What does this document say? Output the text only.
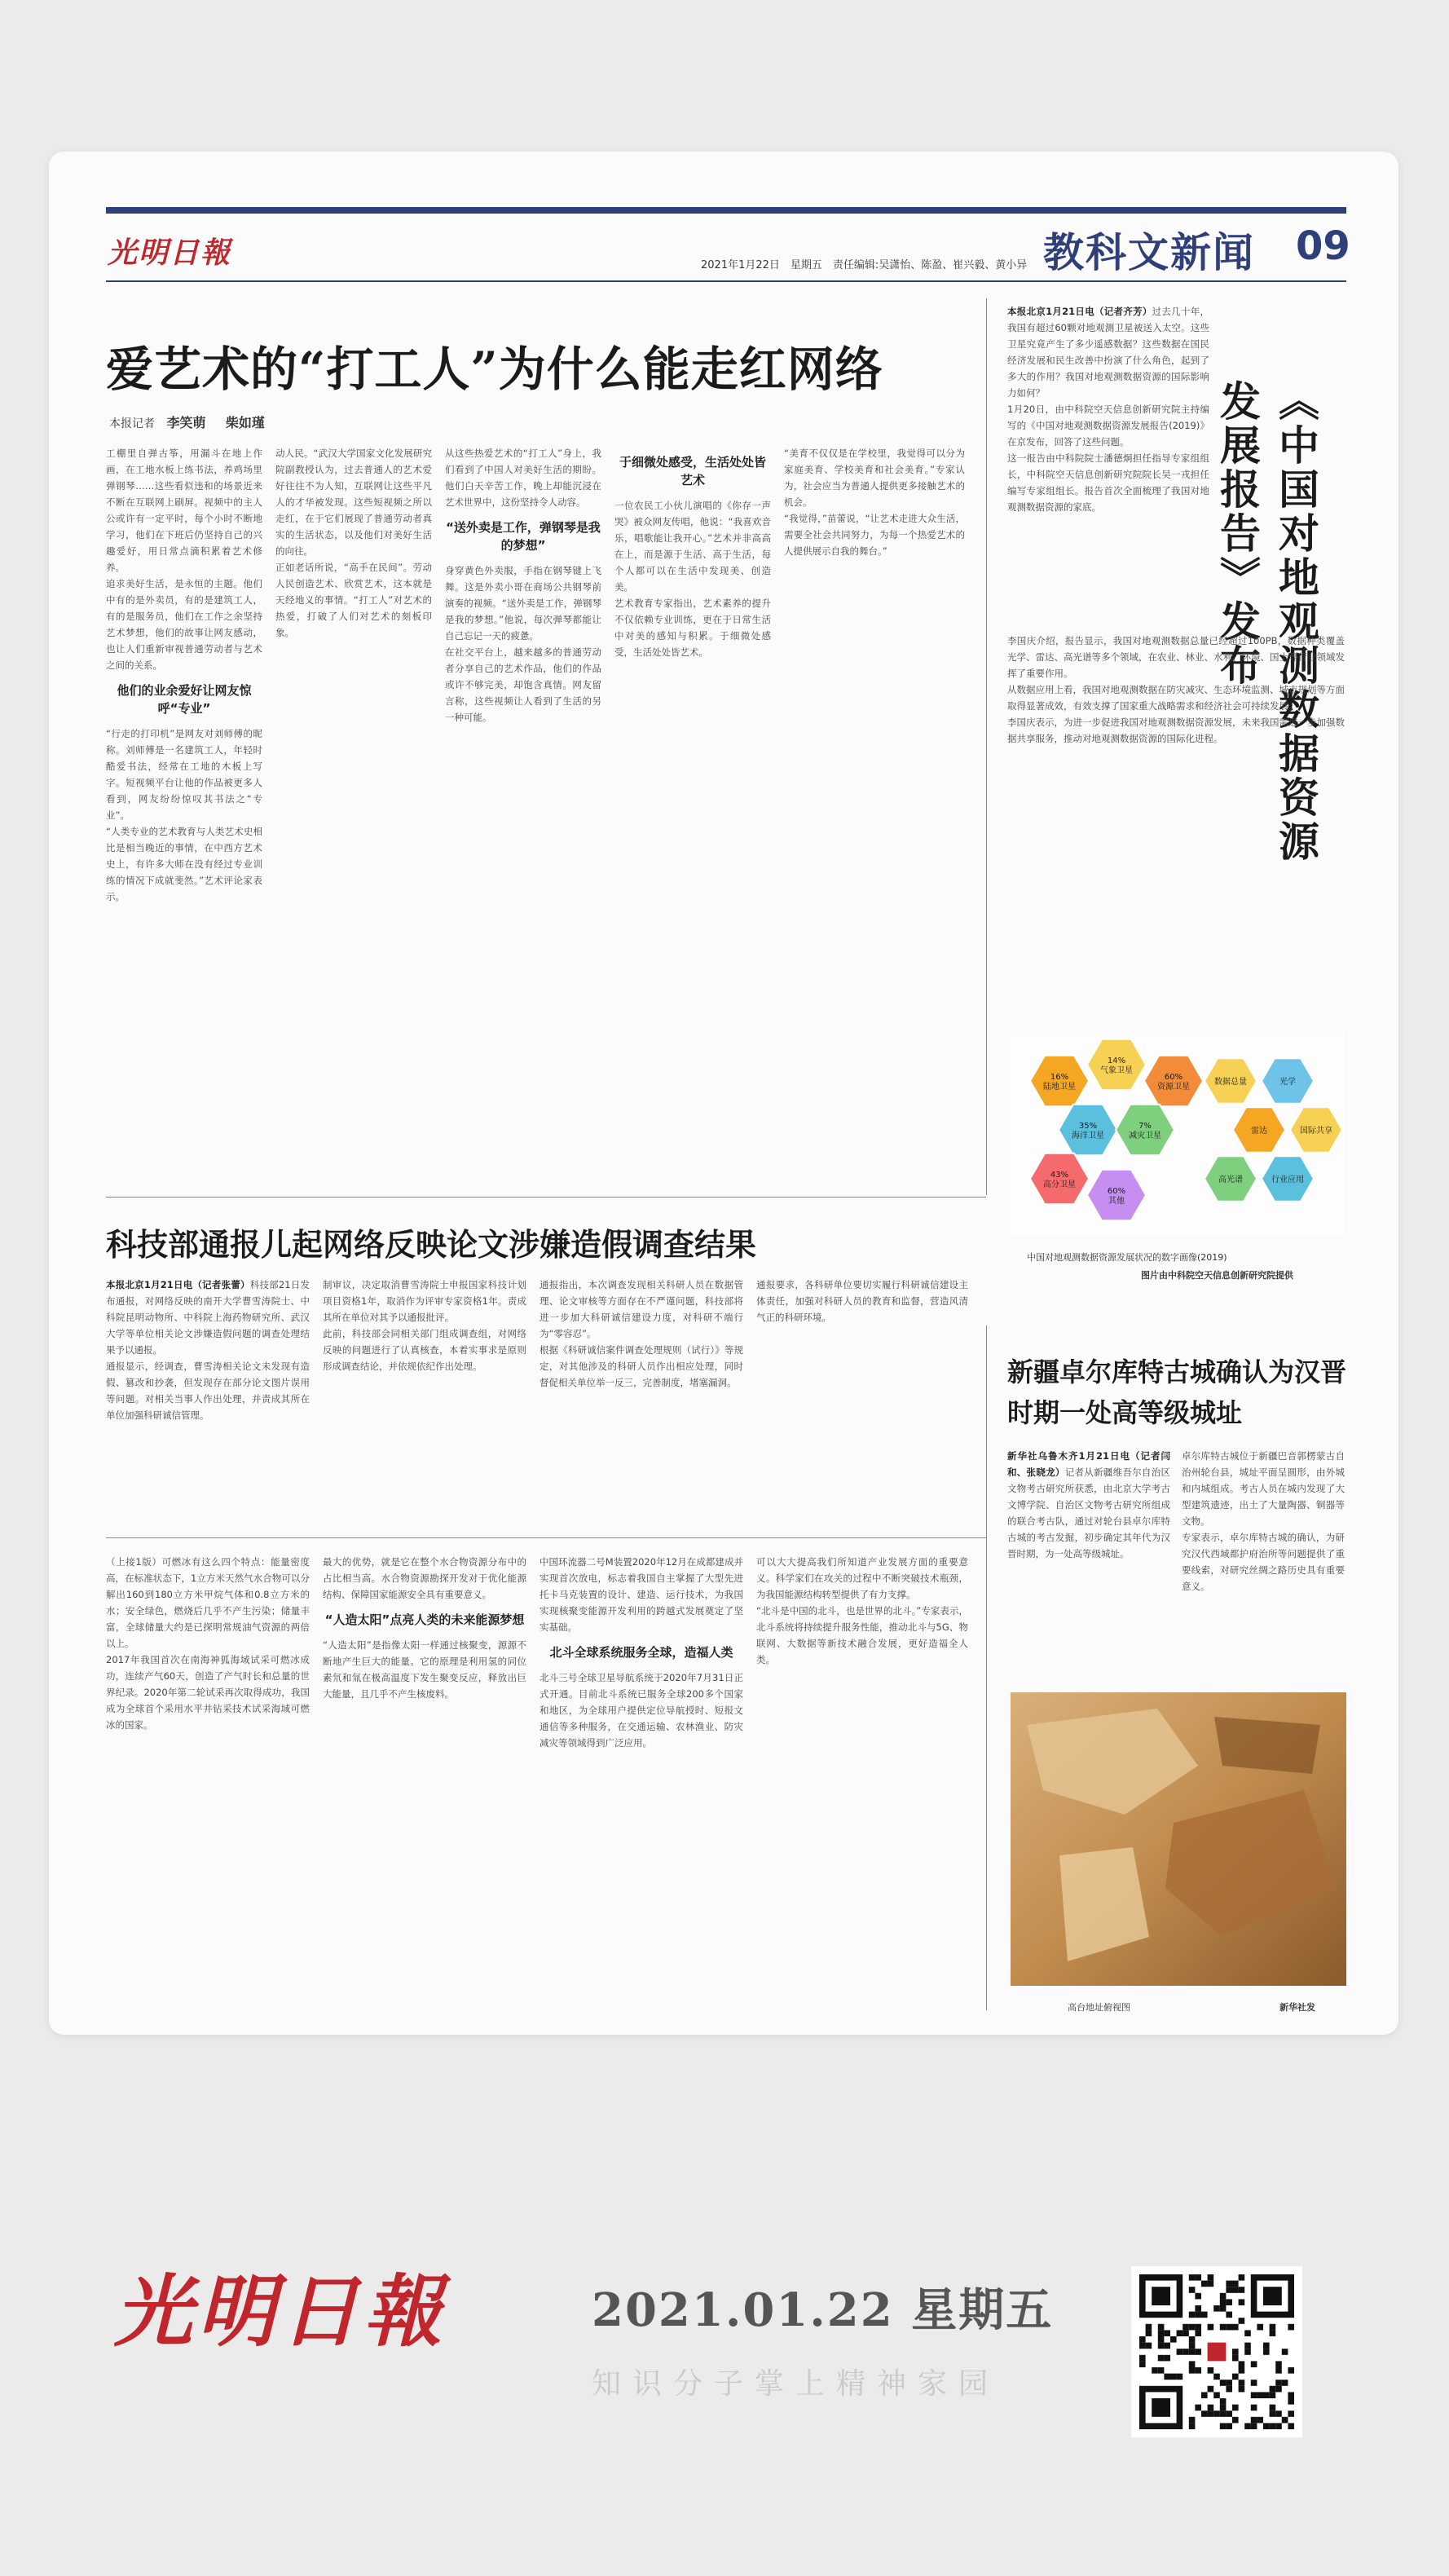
光明日報	2021年1月22日　星期五　责任编辑:吴潇怡、陈盈、崔兴毅、黄小异 教科文新闻 09
爱艺术的“打工人”为什么能走红网络
本报记者 李笑萌 柴如瑾

工棚里自弹古筝，用漏斗在地上作画，在工地水板上练书法，养鸡场里弹钢琴……这些看似违和的场景近来不断在互联网上刷屏。视频中的主人公或许有一定平时，每个小时不断地学习，他们在下班后仍坚持自己的兴趣爱好，用日常点滴积累着艺术修养。

追求美好生活，是永恒的主题。他们中有的是外卖员，有的是建筑工人，有的是服务员，他们在工作之余坚持艺术梦想，他们的故事让网友感动，也让人们重新审视普通劳动者与艺术之间的关系。

他们的业余爱好让网友惊呼“专业”

“行走的打印机”是网友对刘师傅的昵称。刘师傅是一名建筑工人，年轻时酷爱书法，经常在工地的木板上写字。短视频平台让他的作品被更多人看到，网友纷纷惊叹其书法之“专业”。

“人类专业的艺术教育与人类艺术史相比是相当晚近的事情，在中西方艺术史上，有许多大师在没有经过专业训练的情况下成就斐然。”艺术评论家表示。

动人民。“武汉大学国家文化发展研究院副教授认为，过去普通人的艺术爱好往往不为人知，互联网让这些平凡人的才华被发现。这些短视频之所以走红，在于它们展现了普通劳动者真实的生活状态，以及他们对美好生活的向往。

正如老话所说，“高手在民间”。劳动人民创造艺术、欣赏艺术，这本就是天经地义的事情。“打工人”对艺术的热爱，打破了人们对艺术的刻板印象。

从这些热爱艺术的“打工人”身上，我们看到了中国人对美好生活的期盼。他们白天辛苦工作，晚上却能沉浸在艺术世界中，这份坚持令人动容。

“送外卖是工作，弹钢琴是我的梦想”

身穿黄色外卖服，手指在钢琴键上飞舞。这是外卖小哥在商场公共钢琴前演奏的视频。“送外卖是工作，弹钢琴是我的梦想。”他说，每次弹琴都能让自己忘记一天的疲惫。

在社交平台上，越来越多的普通劳动者分享自己的艺术作品，他们的作品或许不够完美，却饱含真情。网友留言称，这些视频让人看到了生活的另一种可能。

于细微处感受，生活处处皆艺术

一位农民工小伙儿演唱的《你存一声哭》被众网友传唱，他说：“我喜欢音乐，唱歌能让我开心。”艺术并非高高在上，而是源于生活、高于生活，每个人都可以在生活中发现美、创造美。

艺术教育专家指出，艺术素养的提升不仅依赖专业训练，更在于日常生活中对美的感知与积累。于细微处感受，生活处处皆艺术。

“美育不仅仅是在学校里，我觉得可以分为家庭美育、学校美育和社会美育。”专家认为，社会应当为普通人提供更多接触艺术的机会。

“我觉得，”苗蕾说，“让艺术走进大众生活，需要全社会共同努力，为每一个热爱艺术的人提供展示自我的舞台。”

本报北京1月21日电（记者齐芳）过去几十年，我国有超过60颗对地观测卫星被送入太空。这些卫星究竟产生了多少遥感数据？这些数据在国民经济发展和民生改善中扮演了什么角色，起到了多大的作用？我国对地观测数据资源的国际影响力如何？

1月20日，由中科院空天信息创新研究院主持编写的《中国对地观测数据资源发展报告(2019)》在京发布，回答了这些问题。

这一报告由中科院院士潘德炯担任指导专家组组长，中科院空天信息创新研究院院长吴一戎担任编写专家组组长。报告首次全面梳理了我国对地观测数据资源的家底。	《中国对地观测数据资源发展报告》发布

李国庆介绍，报告显示，我国对地观测数据总量已经超过100PB，数据种类覆盖光学、雷达、高光谱等多个领域，在农业、林业、水利、环境、国土等行业领域发挥了重要作用。

从数据应用上看，我国对地观测数据在防灾减灾、生态环境监测、城市规划等方面取得显著成效，有效支撑了国家重大战略需求和经济社会可持续发展。

李国庆表示，为进一步促进我国对地观测数据资源发展，未来我国需进一步加强数据共享服务，推动对地观测数据资源的国际化进程。

16%
陆地卫星
14%
气象卫星
60%
资源卫星
35%
海洋卫星
7%
减灾卫星
43%
高分卫星
60%
其他
数据总量	光学
雷达
高光谱	行业应用
国际共享
中国对地观测数据资源发展状况的数字画像(2019)
图片由中科院空天信息创新研究院提供
科技部通报儿起网络反映论文涉嫌造假调查结果
本报北京1月21日电（记者张蕾）科技部21日发布通报，对网络反映的南开大学曹雪涛院士、中科院昆明动物所、中科院上海药物研究所、武汉大学等单位相关论文涉嫌造假问题的调查处理结果予以通报。

通报显示，经调查，曹雪涛相关论文未发现有造假、篡改和抄袭，但发现存在部分论文图片误用等问题。对相关当事人作出处理，并责成其所在单位加强科研诚信管理。

制审议，决定取消曹雪涛院士申报国家科技计划项目资格1年，取消作为评审专家资格1年。责成其所在单位对其予以通报批评。

此前，科技部会同相关部门组成调查组，对网络反映的问题进行了认真核查，本着实事求是原则形成调查结论，并依规依纪作出处理。

通报指出，本次调查发现相关科研人员在数据管理、论文审核等方面存在不严谨问题，科技部将进一步加大科研诚信建设力度，对科研不端行为“零容忍”。

根据《科研诚信案件调查处理规则（试行）》等规定，对其他涉及的科研人员作出相应处理，同时督促相关单位举一反三，完善制度，堵塞漏洞。

通报要求，各科研单位要切实履行科研诚信建设主体责任，加强对科研人员的教育和监督，营造风清气正的科研环境。

（上接1版）可燃冰有这么四个特点：能量密度高，在标准状态下，1立方米天然气水合物可以分解出160到180立方米甲烷气体和0.8立方米的水；安全绿色，燃烧后几乎不产生污染；储量丰富，全球储量大约是已探明常规油气资源的两倍以上。

2017年我国首次在南海神狐海域试采可燃冰成功，连续产气60天，创造了产气时长和总量的世界纪录。2020年第二轮试采再次取得成功，我国成为全球首个采用水平井钻采技术试采海域可燃冰的国家。

最大的优势，就是它在整个水合物资源分布中的占比相当高。水合物资源勘探开发对于优化能源结构、保障国家能源安全具有重要意义。

“人造太阳”点亮人类的未来能源梦想

“人造太阳”是指像太阳一样通过核聚变，源源不断地产生巨大的能量。它的原理是利用氢的同位素氘和氚在极高温度下发生聚变反应，释放出巨大能量，且几乎不产生核废料。

中国环流器二号M装置2020年12月在成都建成并实现首次放电，标志着我国自主掌握了大型先进托卡马克装置的设计、建造、运行技术，为我国实现核聚变能源开发利用的跨越式发展奠定了坚实基础。

北斗全球系统服务全球，造福人类

北斗三号全球卫星导航系统于2020年7月31日正式开通。目前北斗系统已服务全球200多个国家和地区，为全球用户提供定位导航授时、短报文通信等多种服务，在交通运输、农林渔业、防灾减灾等领域得到广泛应用。

可以大大提高我们所知道产业发展方面的重要意义。科学家们在攻关的过程中不断突破技术瓶颈，为我国能源结构转型提供了有力支撑。

“北斗是中国的北斗，也是世界的北斗。”专家表示，北斗系统将持续提升服务性能，推动北斗与5G、物联网、大数据等新技术融合发展，更好造福全人类。

新疆卓尔库特古城确认为汉晋时期一处高等级城址
新华社乌鲁木齐1月21日电（记者闫和、张晓龙）记者从新疆维吾尔自治区文物考古研究所获悉，由北京大学考古文博学院、自治区文物考古研究所组成的联合考古队，通过对轮台县卓尔库特古城的考古发掘，初步确定其年代为汉晋时期，为一处高等级城址。

卓尔库特古城位于新疆巴音郭楞蒙古自治州轮台县，城址平面呈圆形，由外城和内城组成。考古人员在城内发现了大型建筑遗迹，出土了大量陶器、铜器等文物。

专家表示，卓尔库特古城的确认，为研究汉代西域都护府治所等问题提供了重要线索，对研究丝绸之路历史具有重要意义。

高台地址俯视图	新华社发
光明日報	2021.01.22 星期五
知识分子掌上精神家园
